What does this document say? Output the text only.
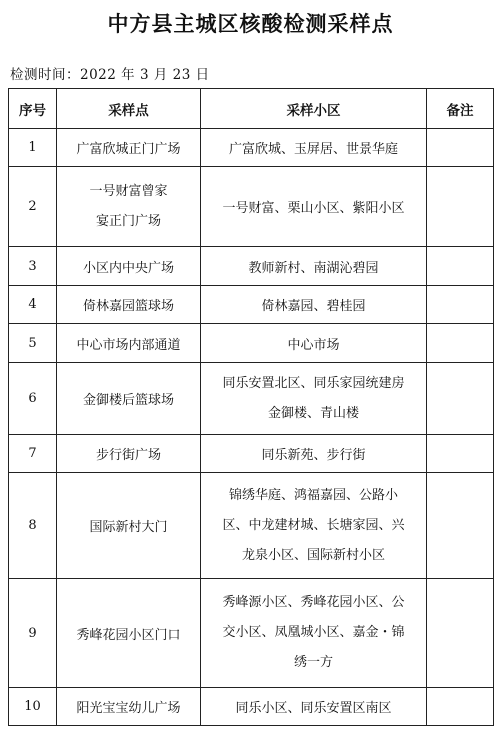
中方县主城区核酸检测采样点
检测时间：2022 年 3 月 23 日
序号	采样点	采样小区	备注
1	广富欣城正门广场	广富欣城、玉屏居、世景华庭	

2	一号财富曾家
宴正门广场	一号财富、栗山小区、紫阳小区	

3	小区内中央广场	教师新村、南湖沁碧园	

4	倚林嘉园篮球场	倚林嘉园、碧桂园	

5	中心市场内部通道	中心市场	

6	金御楼后篮球场	同乐安置北区、同乐家园统建房
金御楼、青山楼	

7	步行街广场	同乐新苑、步行街	

8	国际新村大门	锦绣华庭、鸿福嘉园、公路小
区、中龙建材城、长塘家园、兴
龙泉小区、国际新村小区	

9	秀峰花园小区门口	秀峰源小区、秀峰花园小区、公
交小区、凤凰城小区、嘉金・锦
绣一方	

10	阳光宝宝幼儿广场	同乐小区、同乐安置区南区	
